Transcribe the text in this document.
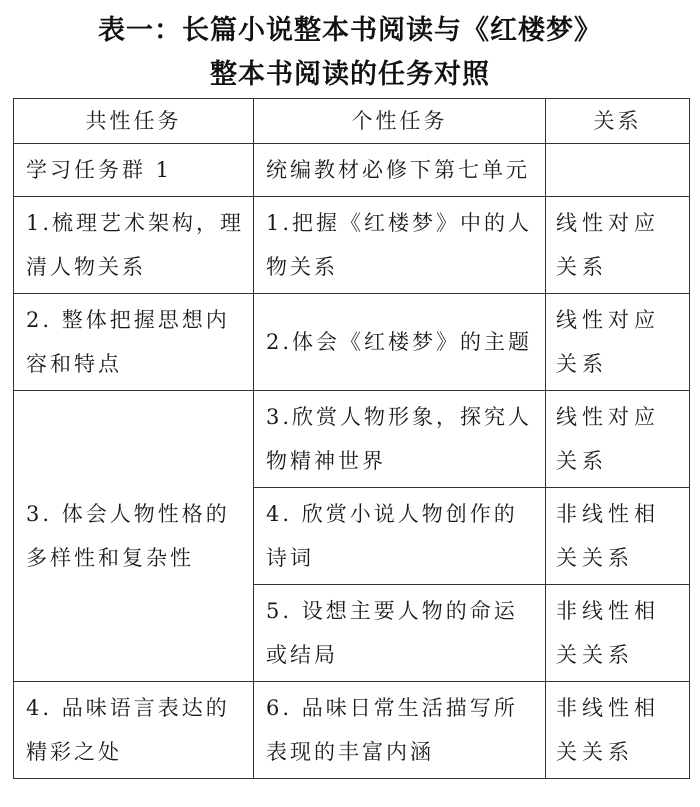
表一：长篇小说整本书阅读与《红楼梦》
整本书阅读的任务对照
共性任务	个性任务	关系
学习任务群 1	统编教材必修下第七单元	
1.梳理艺术架构，理清人物关系	1.把握《红楼梦》中的人物关系	线性对应关系
2. 整体把握思想内容和特点	2.体会《红楼梦》的主题	线性对应关系
3. 体会人物性格的多样性和复杂性	3.欣赏人物形象，探究人物精神世界	线性对应关系
	4. 欣赏小说人物创作的诗词	非线性相关关系
	5. 设想主要人物的命运或结局	非线性相关关系
4. 品味语言表达的精彩之处	6. 品味日常生活描写所表现的丰富内涵	非线性相关关系
